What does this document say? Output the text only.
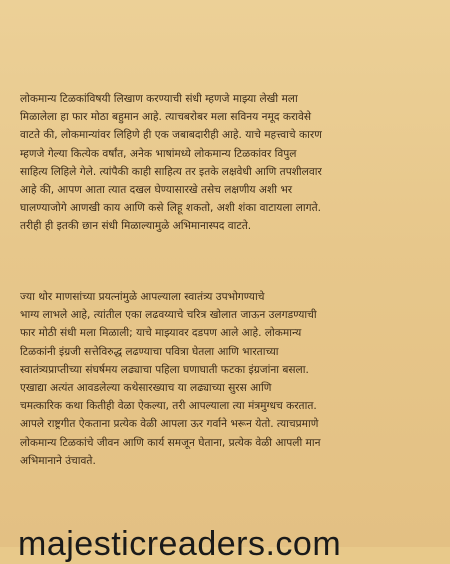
लोकमान्य टिळकांविषयी लिखाण करण्याची संधी म्हणजे माझ्या लेखी मला
मिळालेला हा फार मोठा बहुमान आहे. त्याचबरोबर मला सविनय नमूद करावेसे
वाटते की, लोकमान्यांवर लिहिणे ही एक जबाबदारीही आहे. याचे महत्त्वाचे कारण
म्हणजे गेल्या कित्येक वर्षांत, अनेक भाषांमध्ये लोकमान्य टिळकांवर विपुल
साहित्य लिहिले गेले. त्यांपैकी काही साहित्य तर इतके लक्षवेधी आणि तपशीलवार
आहे की, आपण आता त्यात दखल घेण्यासारखे तसेच लक्षणीय अशी भर
घालण्याजोगे आणखी काय आणि कसे लिहू शकतो, अशी शंका वाटायला लागते.
तरीही ही इतकी छान संधी मिळाल्यामुळे अभिमानास्पद वाटते.

ज्या थोर माणसांच्या प्रयत्नांमुळे आपल्याला स्वातंत्र्य उपभोगण्याचे
भाग्य लाभले आहे, त्यांतील एका लढवय्याचे चरित्र खोलात जाऊन उलगडण्याची
फार मोठी संधी मला मिळाली; याचे माझ्यावर दडपण आले आहे. लोकमान्य
टिळकांनी इंग्रजी सत्तेविरुद्ध लढण्याचा पवित्रा घेतला आणि भारताच्या
स्वातंत्र्यप्राप्तीच्या संघर्षमय लढ्याचा पहिला घणाघाती फटका इंग्रजांना बसला.
एखाद्या अत्यंत आवडलेल्या कथेसारख्याच या लढ्याच्या सुरस आणि
चमत्कारिक कथा कितीही वेळा ऐकल्या, तरी आपल्याला त्या मंत्रमुग्धच करतात.
आपले राष्ट्रगीत ऐकताना प्रत्येक वेळी आपला ऊर गर्वाने भरून येतो. त्याचप्रमाणे
लोकमान्य टिळकांचे जीवन आणि कार्य समजून घेताना, प्रत्येक वेळी आपली मान
अभिमानाने उंचावते.

majesticreaders.com
